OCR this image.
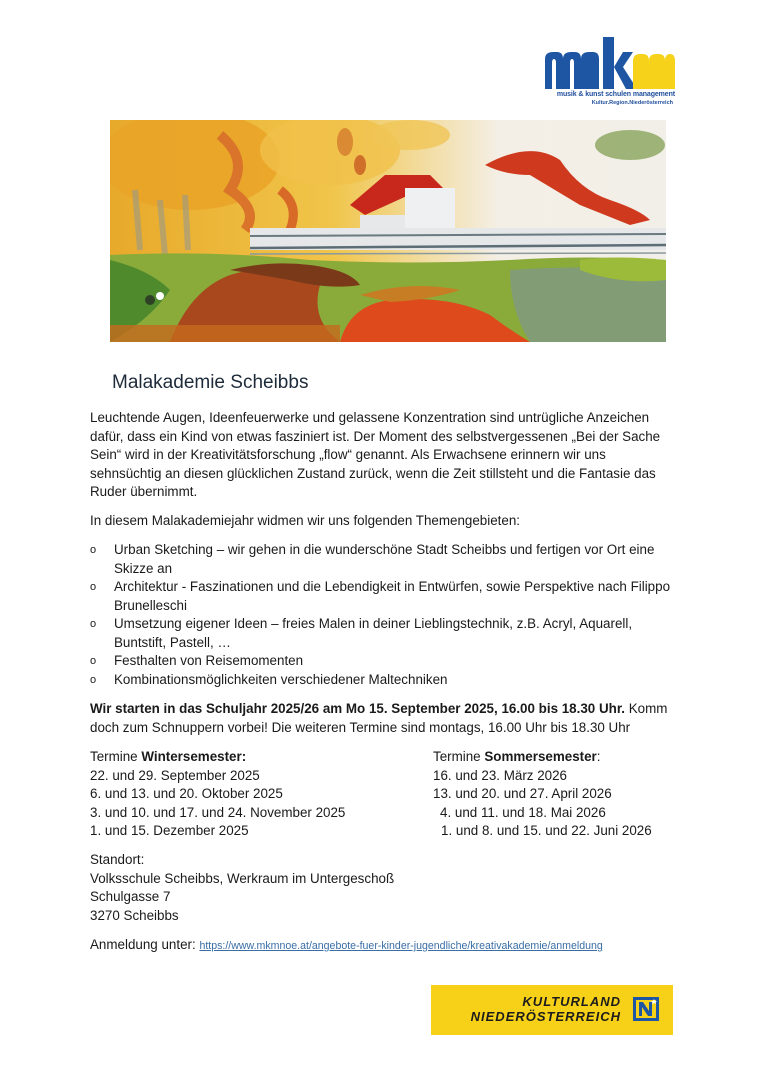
musik & kunst schulen management
Kultur.Region.Niederösterreich
Malakademie Scheibbs
Leuchtende Augen, Ideenfeuerwerke und gelassene Konzentration sind untrügliche Anzeichen dafür, dass ein Kind von etwas fasziniert ist. Der Moment des selbstvergessenen „Bei der Sache Sein“ wird in der Kreativitätsforschung „flow“ genannt. Als Erwachsene erinnern wir uns sehnsüchtig an diesen glücklichen Zustand zurück, wenn die Zeit stillsteht und die Fantasie das Ruder übernimmt.
In diesem Malakademiejahr widmen wir uns folgenden Themengebieten:
o Urban Sketching – wir gehen in die wunderschöne Stadt Scheibbs und fertigen vor Ort eine Skizze an
o Architektur - Faszinationen und die Lebendigkeit in Entwürfen, sowie Perspektive nach Filippo Brunelleschi
o Umsetzung eigener Ideen – freies Malen in deiner Lieblingstechnik, z.B. Acryl, Aquarell, Buntstift, Pastell, …
o Festhalten von Reisemomenten
o Kombinationsmöglichkeiten verschiedener Maltechniken
Wir starten in das Schuljahr 2025/26 am Mo 15. September 2025, 16.00 bis 18.30 Uhr. Komm doch zum Schnuppern vorbei! Die weiteren Termine sind montags, 16.00 Uhr bis 18.30 Uhr
Termine Wintersemester:
22. und 29. September 2025
6. und 13. und 20. Oktober 2025
3. und 10. und 17. und 24. November 2025
1. und 15. Dezember 2025
Termine Sommersemester:
16. und 23. März 2026
13. und 20. und 27. April 2026
4. und 11. und 18. Mai 2026
1. und 8. und 15. und 22. Juni 2026
Standort:
Volksschule Scheibbs, Werkraum im Untergeschoß
Schulgasse 7
3270 Scheibbs
Anmeldung unter: https://www.mkmnoe.at/angebote-fuer-kinder-jugendliche/kreativakademie/anmeldung
KULTURLAND
NIEDERÖSTERREICH
